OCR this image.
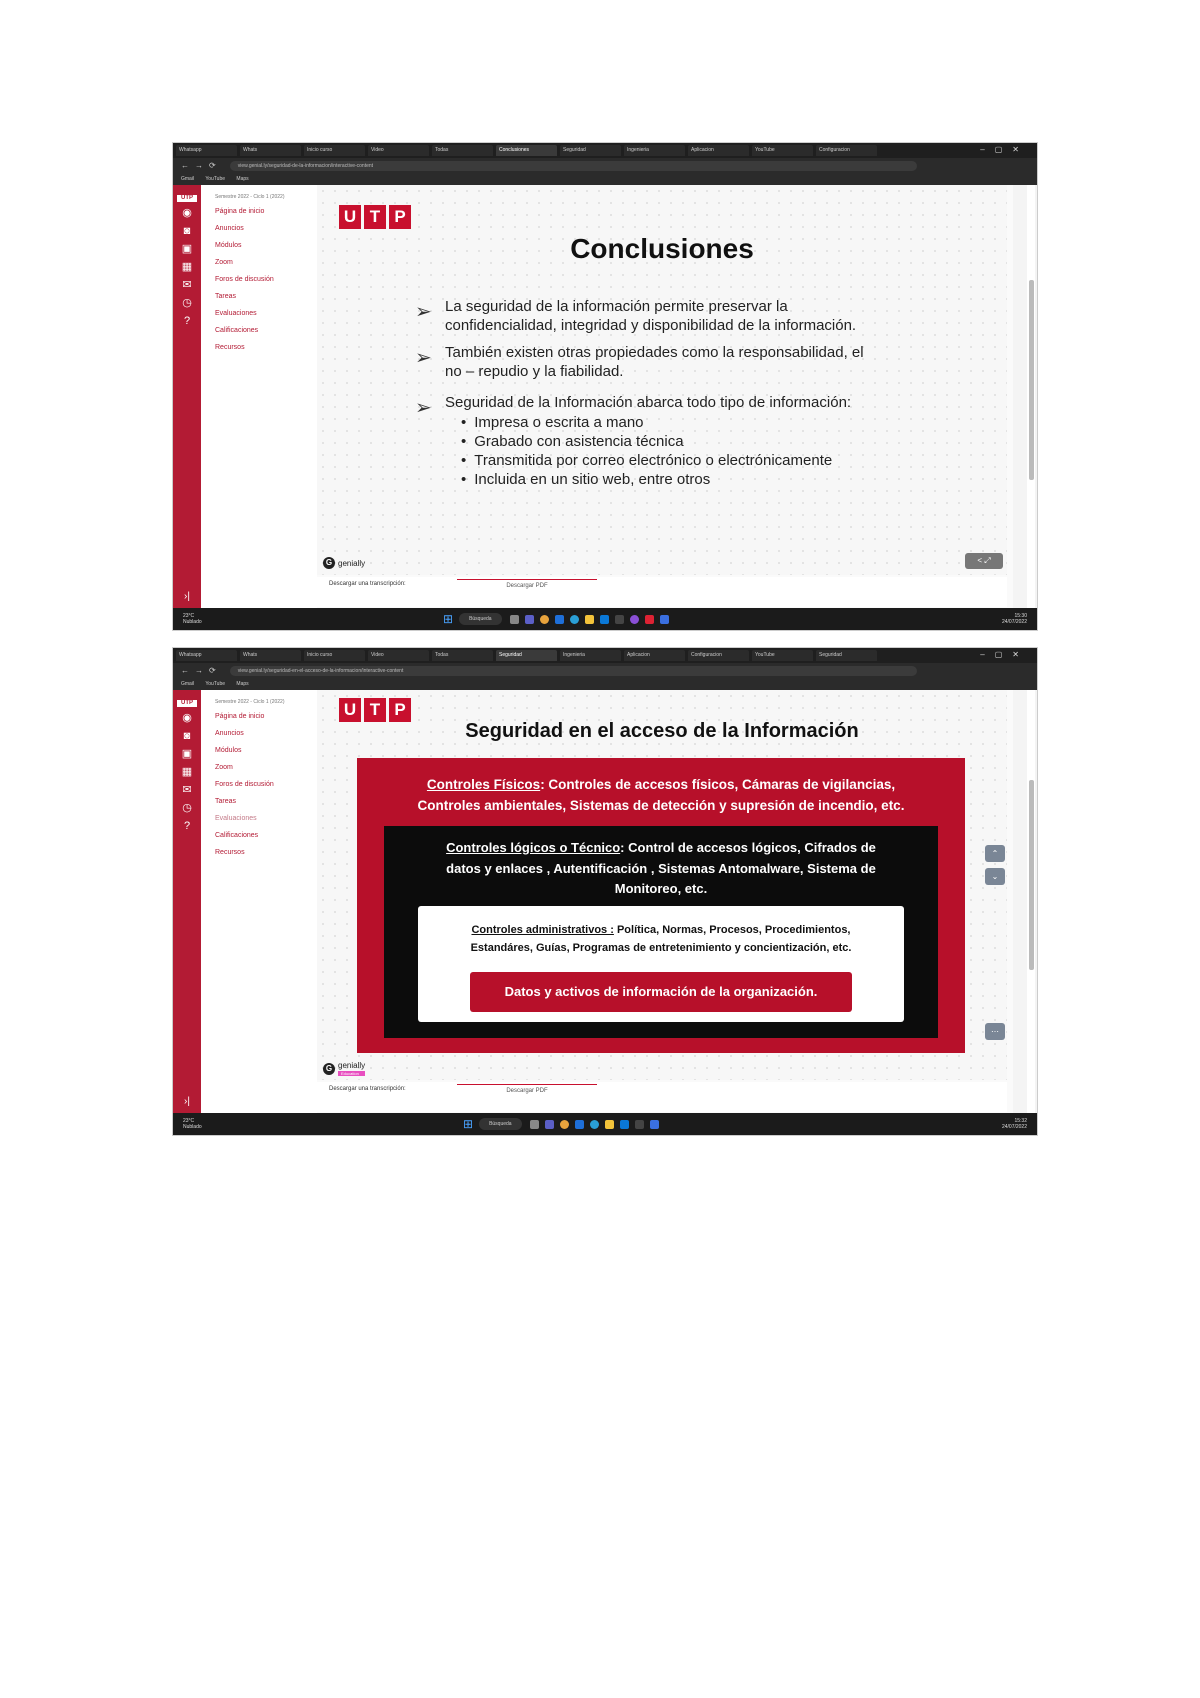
Whatsapp	Whats	Inicio curso	Video	Todas	Conclusiones	Seguridad	Ingenieria	Aplicacion	YouTube	Configuracion	–▢✕
←→⟳	view.genial.ly/seguridad-de-la-informacion/interactive-content
Gmail YouTube Maps
UTP
◉
◙
▣
▦
✉
◷
?
›|
Semestre 2022 - Ciclo 1 (2022)
Página de inicio
Anuncios
Módulos
Zoom
Foros de discusión
Tareas
Evaluaciones
Calificaciones
Recursos
U T P
Conclusiones
➢ La seguridad de la información permite preservar la
confidencialidad, integridad y disponibilidad de la información.
➢ También existen otras propiedades como la responsabilidad, el
no – repudio y la fiabilidad.
➢ Seguridad de la Información abarca todo tipo de información:
• Impresa o escrita a mano
• Grabado con asistencia técnica
• Transmitida por correo electrónico o electrónicamente
• Incluida en un sitio web, entre otros
G genially	< ⤢
Descargar una transcripción:	Descargar PDF
23°C
Nublado	⊞	Búsqueda	15:30
24/07/2022
Whatsapp	Whats	Inicio curso	Video	Todas	Seguridad	Ingenieria	Aplicacion	Configuracion	YouTube	Seguridad	–▢✕
←→⟳	view.genial.ly/seguridad-en-el-acceso-de-la-informacion/interactive-content
Gmail YouTube Maps
UTP
◉
◙
▣
▦
✉
◷
?
›|
Semestre 2022 - Ciclo 1 (2022)
Página de inicio
Anuncios
Módulos
Zoom
Foros de discusión
Tareas
Evaluaciones
Calificaciones
Recursos
U T P
Seguridad en el acceso de la Información
Controles Físicos: Controles de accesos físicos, Cámaras de vigilancias,
Controles ambientales, Sistemas de detección y supresión de incendio, etc.
Controles lógicos o Técnico: Control de accesos lógicos, Cifrados de
datos y enlaces , Autentificación , Sistemas Antomalware, Sistema de
Monitoreo, etc.
Controles administrativos : Política, Normas, Procesos, Procedimientos,
Estandáres, Guías, Programas de entretenimiento y concientización, etc.
Datos y activos de información de la organización.
⌃
⌄
⋯
G genially
Education
Descargar una transcripción:	Descargar PDF
23°C
Nublado	⊞	Búsqueda	15:32
24/07/2022
